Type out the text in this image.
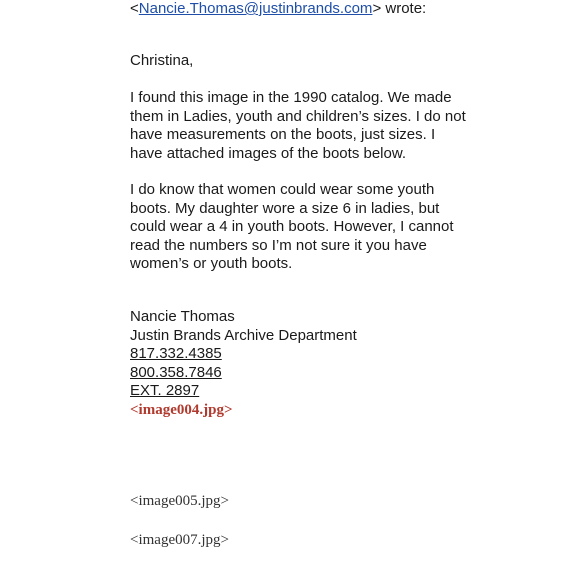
<Nancie.Thomas@justinbrands.com> wrote:
Christina,
I found this image in the 1990 catalog. We made them in Ladies, youth and children’s sizes. I do not have measurements on the boots, just sizes. I have attached images of the boots below.
I do know that women could wear some youth boots. My daughter wore a size 6 in ladies, but could wear a 4 in youth boots. However, I cannot read the numbers so I’m not sure it you have women’s or youth boots.
Nancie Thomas
Justin Brands Archive Department
817.332.4385
800.358.7846
EXT. 2897
<image004.jpg>
<image005.jpg>
<image007.jpg>
